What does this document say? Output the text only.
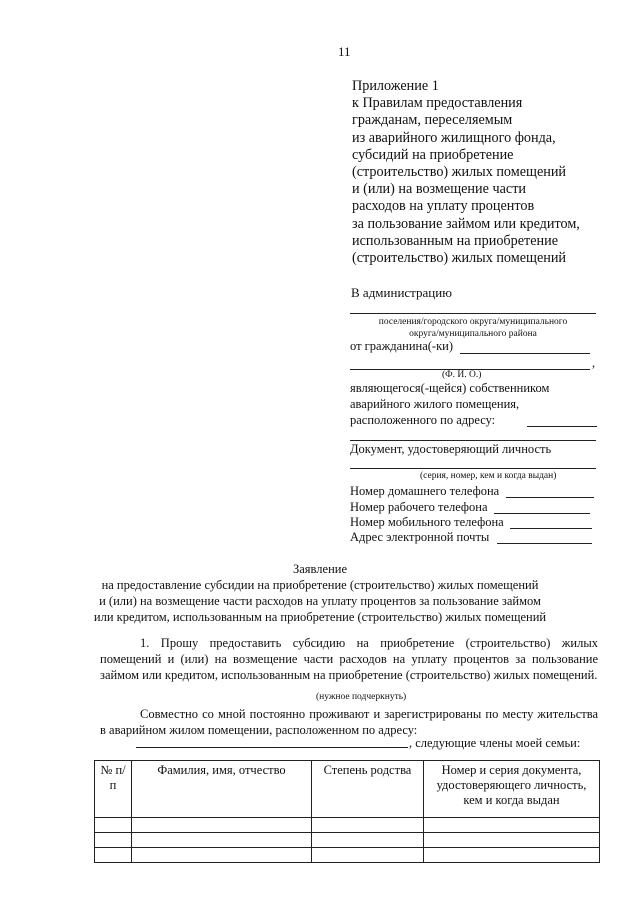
11
Приложение 1
к Правилам предоставления
гражданам, переселяемым
из аварийного жилищного фонда,
субсидий на приобретение
(строительство) жилых помещений
и (или) на возмещение части
расходов на уплату процентов
за пользование займом или кредитом,
использованным на приобретение
(строительство) жилых помещений
В администрацию
поселения/городского округа/муниципального
округа/муниципального района
от гражданина(-ки)
,
(Ф. И. О.)
являющегося(-щейся) собственником
аварийного жилого помещения,
расположенного по адресу:
Документ, удостоверяющий личность
(серия, номер, кем и когда выдан)
Номер домашнего телефона
Номер рабочего телефона
Номер мобильного телефона
Адрес электронной почты
Заявление
на предоставление субсидии на приобретение (строительство) жилых помещений
и (или) на возмещение части расходов на уплату процентов за пользование займом
или кредитом, использованным на приобретение (строительство) жилых помещений
1. Прошу предоставить субсидию на приобретение (строительство) жилых помещений и (или) на возмещение части расходов на уплату процентов за пользование займом или кредитом, использованным на приобретение (строительство) жилых помещений.
(нужное подчеркнуть)
Совместно со мной постоянно проживают и зарегистрированы по месту жительства в аварийном жилом помещении, расположенном по адресу:
, следующие члены моей семьи:
№ п/п	Фамилия, имя, отчество	Степень родства	Номер и серия документа, удостоверяющего личность, кем и когда выдан
